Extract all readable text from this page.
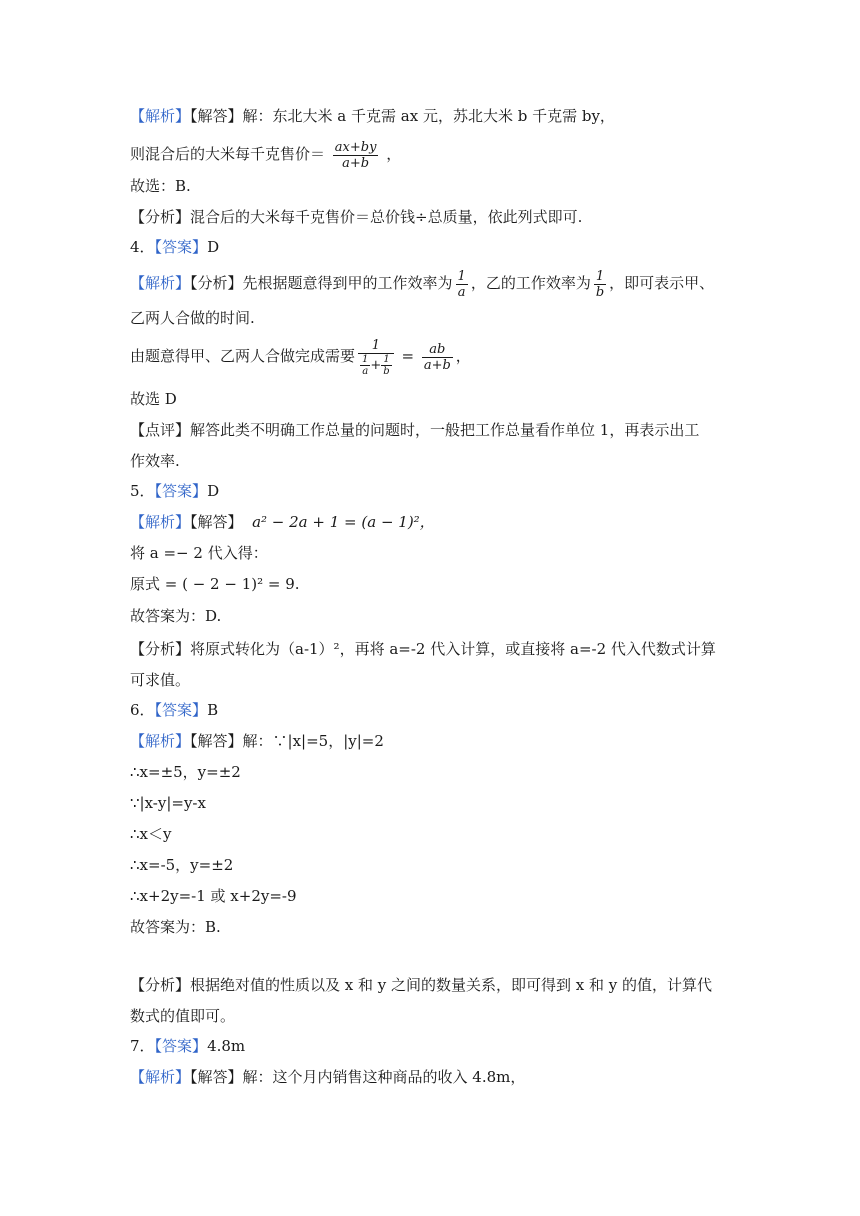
【解析】【解答】解：东北大米 a 千克需 ax 元，苏北大米 b 千克需 by，
则混合后的大米每千克售价＝ $\frac{ax+by}{a+b}$ ，
故选：B.
【分析】混合后的大米每千克售价＝总价钱÷总质量，依此列式即可.
4．【答案】D
【解析】【分析】先根据题意得到甲的工作效率为 $\frac{1}{a}$ ，乙的工作效率为 $\frac{1}{b}$ ，即可表示甲、
乙两人合做的时间.
由题意得甲、乙两人合做完成需要 $\frac{1}{\frac{1}{a} + \frac{1}{b}} = \frac{ab}{a+b}$ ，
故选 D
【点评】解答此类不明确工作总量的问题时，一般把工作总量看作单位 1，再表示出工
作效率.
5．【答案】D
【解析】【解答】 a² − 2a + 1 = (a − 1)²，
将 a =− 2 代入得：
原式 = ( − 2 − 1)² = 9.
故答案为：D.
【分析】将原式转化为（a-1）²，再将 a=-2 代入计算，或直接将 a=-2 代入代数式计算
可求值。
6．【答案】B
【解析】【解答】解：∵|x|=5，|y|=2
∴x=±5，y=±2
∵|x-y|=y-x
∴x＜y
∴x=-5，y=±2
∴x+2y=-1 或 x+2y=-9
故答案为：B.
【分析】根据绝对值的性质以及 x 和 y 之间的数量关系，即可得到 x 和 y 的值，计算代
数式的值即可。
7．【答案】4.8m
【解析】【解答】解：这个月内销售这种商品的收入 4.8m，
